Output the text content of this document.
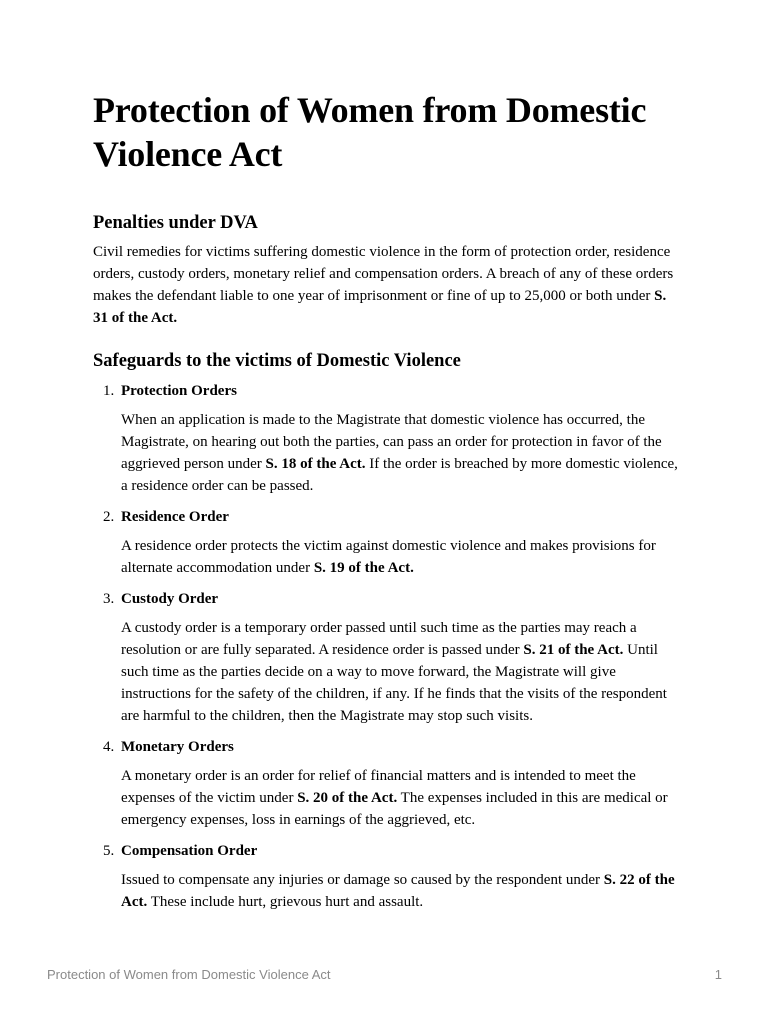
Protection of Women from Domestic Violence Act
Penalties under DVA

Civil remedies for victims suffering domestic violence in the form of protection order, residence orders, custody orders, monetary relief and compensation orders. A breach of any of these orders makes the defendant liable to one year of imprisonment or fine of up to 25,000 or both under S. 31 of the Act.

Safeguards to the victims of Domestic Violence
1. Protection Orders

When an application is made to the Magistrate that domestic violence has occurred, the Magistrate, on hearing out both the parties, can pass an order for protection in favor of the aggrieved person under S. 18 of the Act. If the order is breached by more domestic violence, a residence order can be passed.

2. Residence Order

A residence order protects the victim against domestic violence and makes provisions for alternate accommodation under S. 19 of the Act.

3. Custody Order

A custody order is a temporary order passed until such time as the parties may reach a resolution or are fully separated. A residence order is passed under S. 21 of the Act. Until such time as the parties decide on a way to move forward, the Magistrate will give instructions for the safety of the children, if any. If he finds that the visits of the respondent are harmful to the children, then the Magistrate may stop such visits.

4. Monetary Orders

A monetary order is an order for relief of financial matters and is intended to meet the expenses of the victim under S. 20 of the Act. The expenses included in this are medical or emergency expenses, loss in earnings of the aggrieved, etc.

5. Compensation Order

Issued to compensate any injuries or damage so caused by the respondent under S. 22 of the Act. These include hurt, grievous hurt and assault.

Protection of Women from Domestic Violence Act	1
